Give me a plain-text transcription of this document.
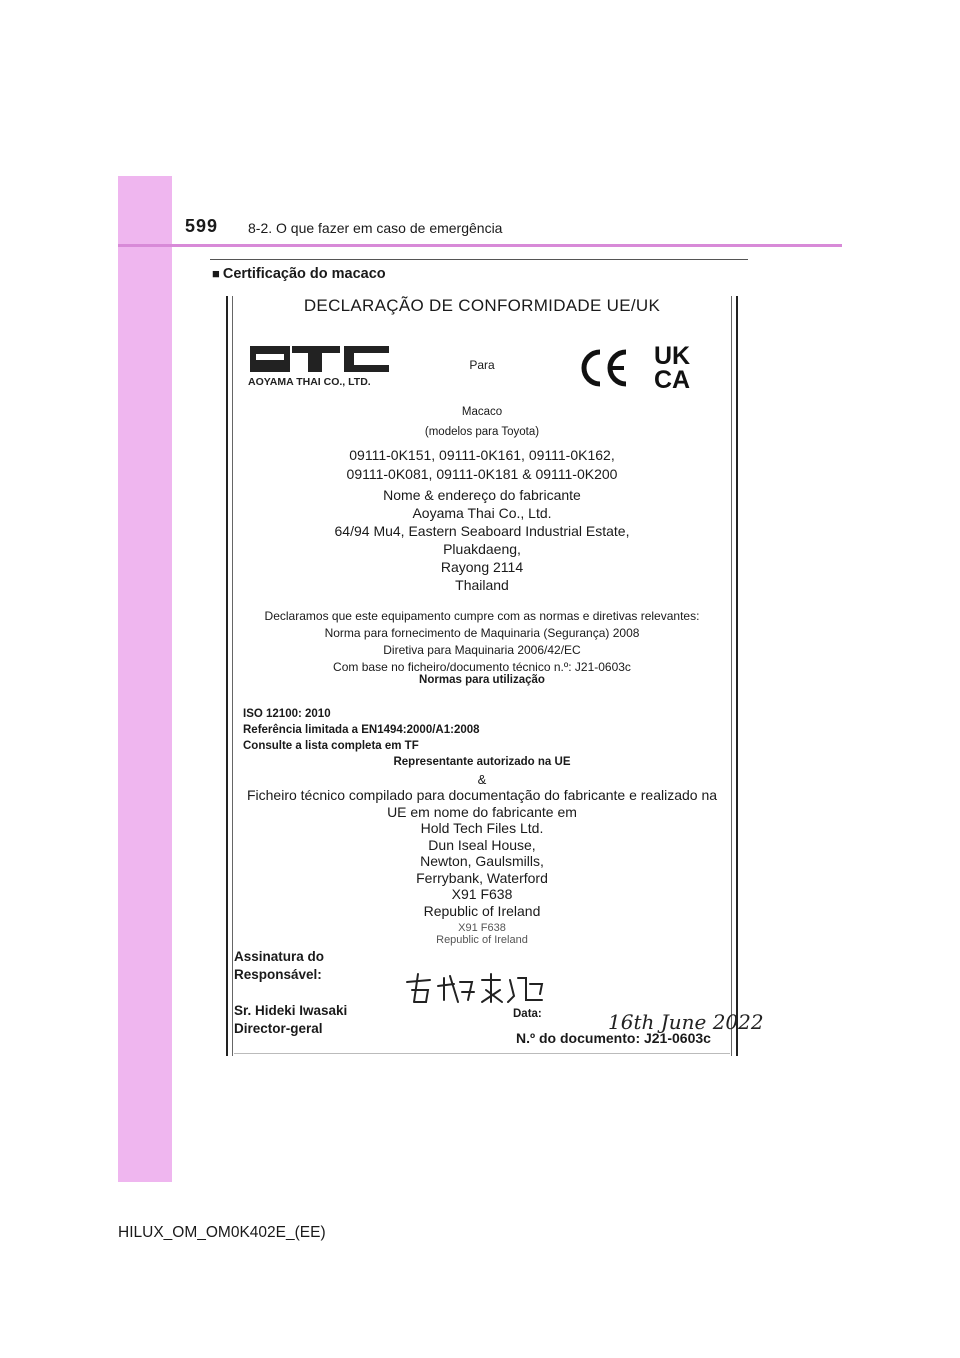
599 8-2. O que fazer em caso de emergência
■ Certificação do macaco
DECLARAÇÃO DE CONFORMIDADE UE/UK
AOYAMA THAI CO., LTD.
Para	UK
CA
Macaco
(modelos para Toyota)
09111-0K151, 09111-0K161, 09111-0K162,
09111-0K081, 09111-0K181 & 09111-0K200
Nome & endereço do fabricante
Aoyama Thai Co., Ltd.
64/94 Mu4, Eastern Seaboard Industrial Estate,
Pluakdaeng,
Rayong 2114
Thailand
Declaramos que este equipamento cumpre com as normas e diretivas relevantes:
Norma para fornecimento de Maquinaria (Segurança) 2008
Diretiva para Maquinaria 2006/42/EC
Com base no ficheiro/documento técnico n.º: J21-0603c
Normas para utilização
ISO 12100: 2010
Referência limitada a EN1494:2000/A1:2008
Consulte a lista completa em TF
Representante autorizado na UE
&
Ficheiro técnico compilado para documentação do fabricante e realizado na
UE em nome do fabricante em
Hold Tech Files Ltd.
Dun Iseal House,
Newton, Gaulsmills,
Ferrybank, Waterford
X91 F638
Republic of Ireland
X91 F638
Republic of Ireland
Assinatura do
Responsável:
Sr. Hideki Iwasaki
Director-geral
Data:	16th June 2022
N.º do documento: J21-0603c
HILUX_OM_OM0K402E_(EE)
